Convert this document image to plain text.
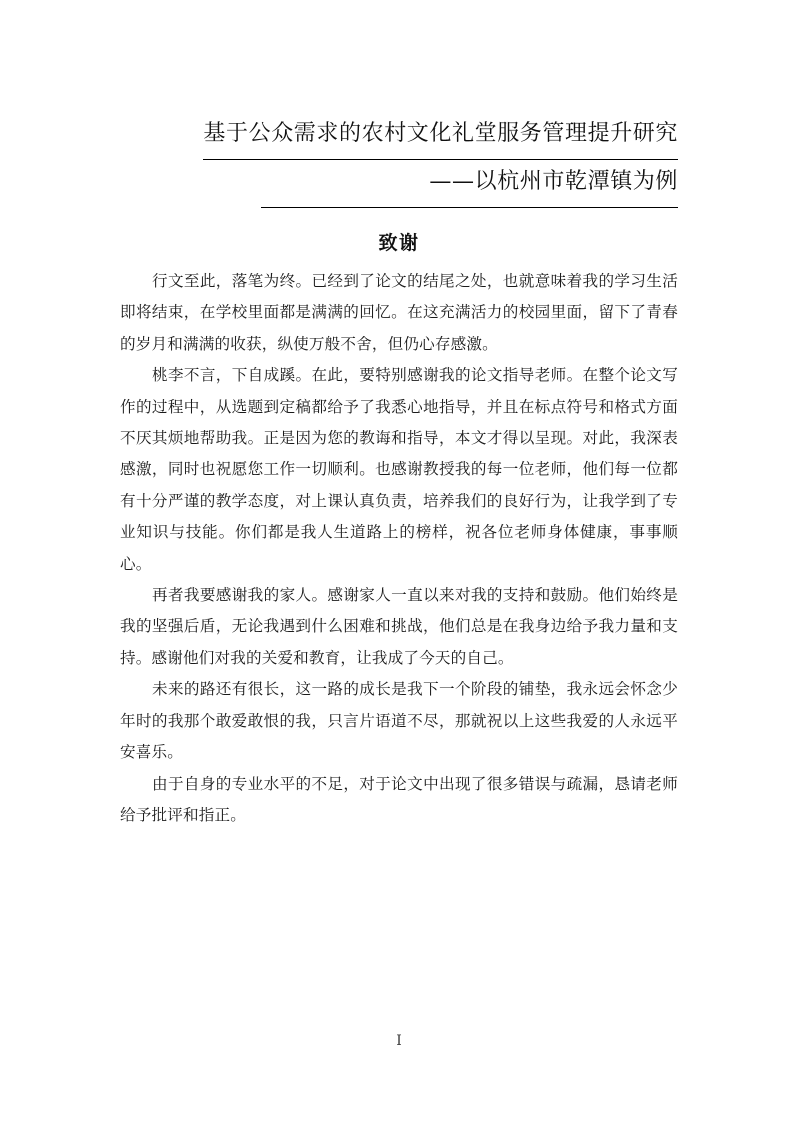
基于公众需求的农村文化礼堂服务管理提升研究
——以杭州市乾潭镇为例
致谢

行文至此，落笔为终。已经到了论文的结尾之处，也就意味着我的学习生活即将结束，在学校里面都是满满的回忆。在这充满活力的校园里面，留下了青春的岁月和满满的收获，纵使万般不舍，但仍心存感激。

桃李不言，下自成蹊。在此，要特别感谢我的论文指导老师。在整个论文写作的过程中，从选题到定稿都给予了我悉心地指导，并且在标点符号和格式方面不厌其烦地帮助我。正是因为您的教诲和指导，本文才得以呈现。对此，我深表感激，同时也祝愿您工作一切顺利。也感谢教授我的每一位老师，他们每一位都有十分严谨的教学态度，对上课认真负责，培养我们的良好行为，让我学到了专业知识与技能。你们都是我人生道路上的榜样，祝各位老师身体健康，事事顺心。

再者我要感谢我的家人。感谢家人一直以来对我的支持和鼓励。他们始终是我的坚强后盾，无论我遇到什么困难和挑战，他们总是在我身边给予我力量和支持。感谢他们对我的关爱和教育，让我成了今天的自己。

未来的路还有很长，这一路的成长是我下一个阶段的铺垫，我永远会怀念少年时的我那个敢爱敢恨的我，只言片语道不尽，那就祝以上这些我爱的人永远平安喜乐。

由于自身的专业水平的不足，对于论文中出现了很多错误与疏漏，恳请老师给予批评和指正。

I
